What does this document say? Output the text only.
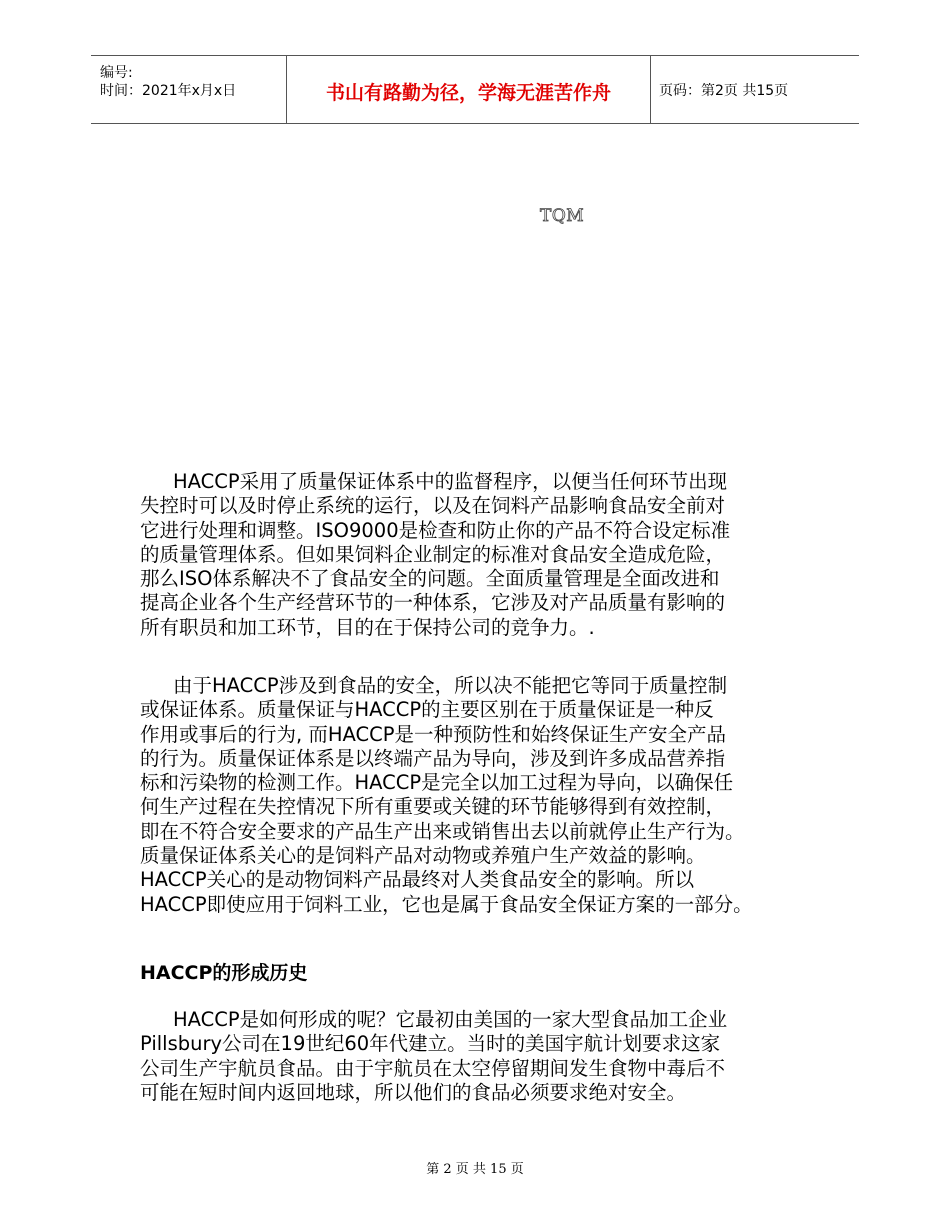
编号:
时间：2021年x月x日	书山有路勤为径，学海无涯苦作舟	页码：第2页 共15页
TQM
HACCP采用了质量保证体系中的监督程序，以便当任何环节出现
失控时可以及时停止系统的运行，以及在饲料产品影响食品安全前对
它进行处理和调整。ISO9000是检查和防止你的产品不符合设定标准
的质量管理体系。但如果饲料企业制定的标准对食品安全造成危险，
那么ISO体系解决不了食品安全的问题。全面质量管理是全面改进和
提高企业各个生产经营环节的一种体系，它涉及对产品质量有影响的
所有职员和加工环节，目的在于保持公司的竞争力。.
由于HACCP涉及到食品的安全，所以决不能把它等同于质量控制
或保证体系。质量保证与HACCP的主要区别在于质量保证是一种反
作用或事后的行为, 而HACCP是一种预防性和始终保证生产安全产品
的行为。质量保证体系是以终端产品为导向，涉及到许多成品营养指
标和污染物的检测工作。HACCP是完全以加工过程为导向，以确保任
何生产过程在失控情况下所有重要或关键的环节能够得到有效控制，
即在不符合安全要求的产品生产出来或销售出去以前就停止生产行为。
质量保证体系关心的是饲料产品对动物或养殖户生产效益的影响。
HACCP关心的是动物饲料产品最终对人类食品安全的影响。所以
HACCP即使应用于饲料工业，它也是属于食品安全保证方案的一部分。
HACCP的形成历史
HACCP是如何形成的呢？它最初由美国的一家大型食品加工企业
Pillsbury公司在19世纪60年代建立。当时的美国宇航计划要求这家
公司生产宇航员食品。由于宇航员在太空停留期间发生食物中毒后不
可能在短时间内返回地球，所以他们的食品必须要求绝对安全。
第 2 页 共 15 页
